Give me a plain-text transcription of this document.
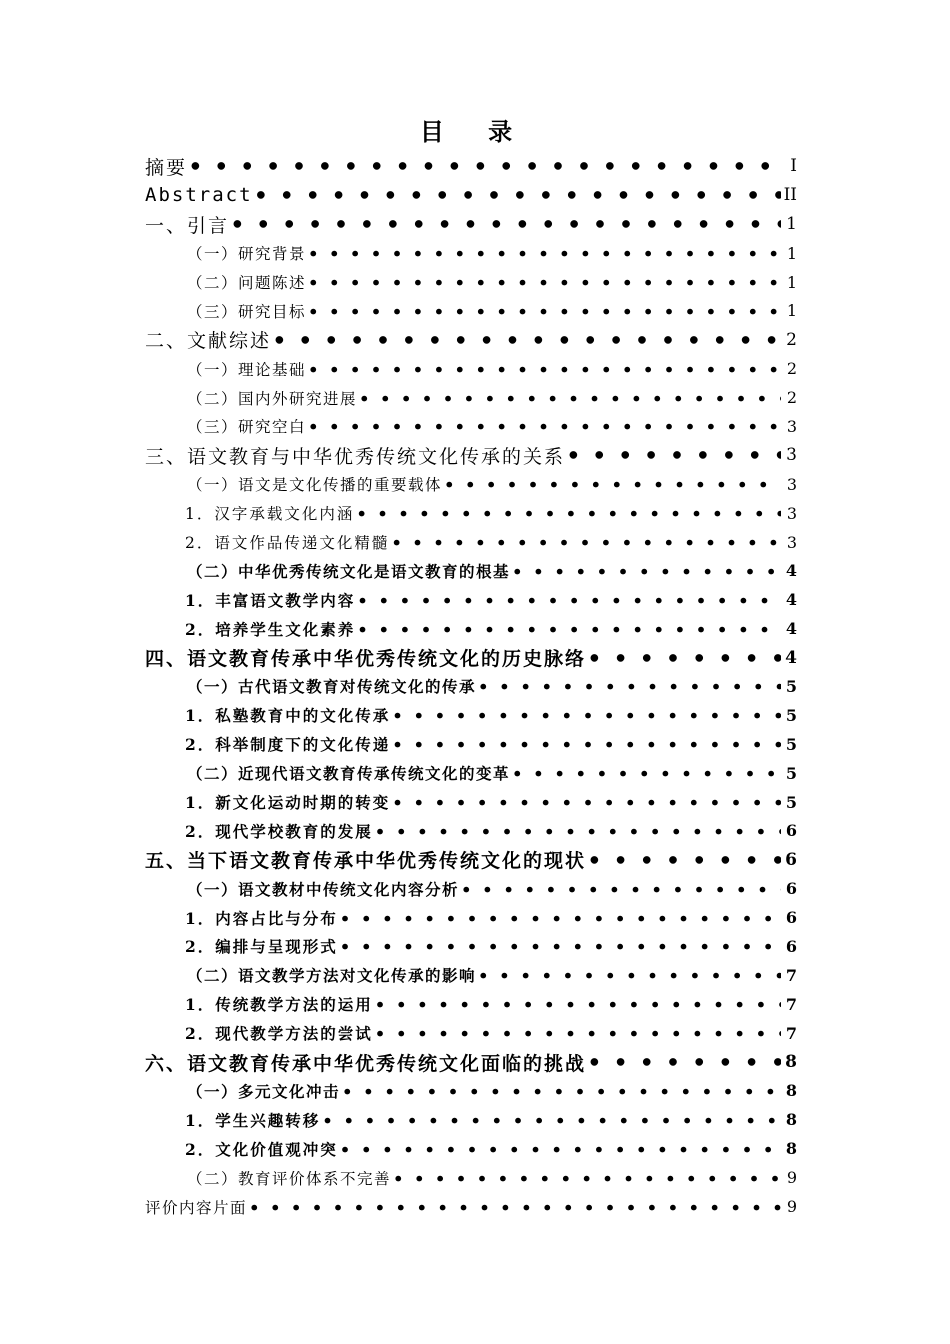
目 录
摘要 ● ● ● ● ● ● ● ● ● ● ● ● ● ● ● ● ● ● ● ● ● ● ● ● ● ● ● ● ● ● ● ● ● ● ● ● ● ● ● ● ● ● ● ● ● ● ● ● ● ●	I
Abstract ● ● ● ● ● ● ● ● ● ● ● ● ● ● ● ● ● ● ● ● ● ● ● ● ● ● ● ● ● ● ● ● ● ● ● ● ● ● ● ● ● ● ● ● ● ● ● ● ● ●	II
一、引言 ● ● ● ● ● ● ● ● ● ● ● ● ● ● ● ● ● ● ● ● ● ● ● ● ● ● ● ● ● ● ● ● ● ● ● ● ● ● ● ● ● ● ● ● ● ● ● ● ● ●	1
（一）研究背景 ● ● ● ● ● ● ● ● ● ● ● ● ● ● ● ● ● ● ● ● ● ● ● ● ● ● ● ● ● ● ● ● ● ● ● ● ● ● ● ● ● ● ● ● ● ● ● ● ● ●	1
（二）问题陈述 ● ● ● ● ● ● ● ● ● ● ● ● ● ● ● ● ● ● ● ● ● ● ● ● ● ● ● ● ● ● ● ● ● ● ● ● ● ● ● ● ● ● ● ● ● ● ● ● ● ●	1
（三）研究目标 ● ● ● ● ● ● ● ● ● ● ● ● ● ● ● ● ● ● ● ● ● ● ● ● ● ● ● ● ● ● ● ● ● ● ● ● ● ● ● ● ● ● ● ● ● ● ● ● ● ●	1
二、文献综述 ● ● ● ● ● ● ● ● ● ● ● ● ● ● ● ● ● ● ● ● ● ● ● ● ● ● ● ● ● ● ● ● ● ● ● ● ● ● ● ● ● ● ● ● ● ● ● ● ● ●	2
（一）理论基础 ● ● ● ● ● ● ● ● ● ● ● ● ● ● ● ● ● ● ● ● ● ● ● ● ● ● ● ● ● ● ● ● ● ● ● ● ● ● ● ● ● ● ● ● ● ● ● ● ● ●	2
（二）国内外研究进展 ● ● ● ● ● ● ● ● ● ● ● ● ● ● ● ● ● ● ● ● ● ● ● ● ● ● ● ● ● ● ● ● ● ● ● ● ● ● ● ● ● ● ● ● ● ● ● ● ● ●	2
（三）研究空白 ● ● ● ● ● ● ● ● ● ● ● ● ● ● ● ● ● ● ● ● ● ● ● ● ● ● ● ● ● ● ● ● ● ● ● ● ● ● ● ● ● ● ● ● ● ● ● ● ● ●	3
三、语文教育与中华优秀传统文化传承的关系 ● ● ● ● ● ● ● ● ● ● ● ● ● ● ● ● ● ● ● ● ● ● ● ● ● ● ● ● ● ● ● ● ● ● ● ● ● ● ● ● ● ● ● ● ● ● ● ● ● ●	3
（一）语文是文化传播的重要载体 ● ● ● ● ● ● ● ● ● ● ● ● ● ● ● ● ● ● ● ● ● ● ● ● ● ● ● ● ● ● ● ● ● ● ● ● ● ● ● ● ● ● ● ● ● ● ● ● ● ●	3
1．汉字承载文化内涵 ● ● ● ● ● ● ● ● ● ● ● ● ● ● ● ● ● ● ● ● ● ● ● ● ● ● ● ● ● ● ● ● ● ● ● ● ● ● ● ● ● ● ● ● ● ● ● ● ● ●	3
2．语文作品传递文化精髓 ● ● ● ● ● ● ● ● ● ● ● ● ● ● ● ● ● ● ● ● ● ● ● ● ● ● ● ● ● ● ● ● ● ● ● ● ● ● ● ● ● ● ● ● ● ● ● ● ● ●	3
（二）中华优秀传统文化是语文教育的根基 ● ● ● ● ● ● ● ● ● ● ● ● ● ● ● ● ● ● ● ● ● ● ● ● ● ● ● ● ● ● ● ● ● ● ● ● ● ● ● ● ● ● ● ● ● ● ● ● ● ●	4
1．丰富语文教学内容 ● ● ● ● ● ● ● ● ● ● ● ● ● ● ● ● ● ● ● ● ● ● ● ● ● ● ● ● ● ● ● ● ● ● ● ● ● ● ● ● ● ● ● ● ● ● ● ● ● ●	4
2．培养学生文化素养 ● ● ● ● ● ● ● ● ● ● ● ● ● ● ● ● ● ● ● ● ● ● ● ● ● ● ● ● ● ● ● ● ● ● ● ● ● ● ● ● ● ● ● ● ● ● ● ● ● ●	4
四、语文教育传承中华优秀传统文化的历史脉络 ● ● ● ● ● ● ● ● ● ● ● ● ● ● ● ● ● ● ● ● ● ● ● ● ● ● ● ● ● ● ● ● ● ● ● ● ● ● ● ● ● ● ● ● ● ● ● ● ● ●	4
（一）古代语文教育对传统文化的传承 ● ● ● ● ● ● ● ● ● ● ● ● ● ● ● ● ● ● ● ● ● ● ● ● ● ● ● ● ● ● ● ● ● ● ● ● ● ● ● ● ● ● ● ● ● ● ● ● ● ●	5
1．私塾教育中的文化传承 ● ● ● ● ● ● ● ● ● ● ● ● ● ● ● ● ● ● ● ● ● ● ● ● ● ● ● ● ● ● ● ● ● ● ● ● ● ● ● ● ● ● ● ● ● ● ● ● ● ●	5
2．科举制度下的文化传递 ● ● ● ● ● ● ● ● ● ● ● ● ● ● ● ● ● ● ● ● ● ● ● ● ● ● ● ● ● ● ● ● ● ● ● ● ● ● ● ● ● ● ● ● ● ● ● ● ● ●	5
（二）近现代语文教育传承传统文化的变革 ● ● ● ● ● ● ● ● ● ● ● ● ● ● ● ● ● ● ● ● ● ● ● ● ● ● ● ● ● ● ● ● ● ● ● ● ● ● ● ● ● ● ● ● ● ● ● ● ● ●	5
1．新文化运动时期的转变 ● ● ● ● ● ● ● ● ● ● ● ● ● ● ● ● ● ● ● ● ● ● ● ● ● ● ● ● ● ● ● ● ● ● ● ● ● ● ● ● ● ● ● ● ● ● ● ● ● ●	5
2．现代学校教育的发展 ● ● ● ● ● ● ● ● ● ● ● ● ● ● ● ● ● ● ● ● ● ● ● ● ● ● ● ● ● ● ● ● ● ● ● ● ● ● ● ● ● ● ● ● ● ● ● ● ● ●	6
五、当下语文教育传承中华优秀传统文化的现状 ● ● ● ● ● ● ● ● ● ● ● ● ● ● ● ● ● ● ● ● ● ● ● ● ● ● ● ● ● ● ● ● ● ● ● ● ● ● ● ● ● ● ● ● ● ● ● ● ● ●	6
（一）语文教材中传统文化内容分析 ● ● ● ● ● ● ● ● ● ● ● ● ● ● ● ● ● ● ● ● ● ● ● ● ● ● ● ● ● ● ● ● ● ● ● ● ● ● ● ● ● ● ● ● ● ● ● ● ● ●	6
1．内容占比与分布 ● ● ● ● ● ● ● ● ● ● ● ● ● ● ● ● ● ● ● ● ● ● ● ● ● ● ● ● ● ● ● ● ● ● ● ● ● ● ● ● ● ● ● ● ● ● ● ● ● ●	6
2．编排与呈现形式 ● ● ● ● ● ● ● ● ● ● ● ● ● ● ● ● ● ● ● ● ● ● ● ● ● ● ● ● ● ● ● ● ● ● ● ● ● ● ● ● ● ● ● ● ● ● ● ● ● ●	6
（二）语文教学方法对文化传承的影响 ● ● ● ● ● ● ● ● ● ● ● ● ● ● ● ● ● ● ● ● ● ● ● ● ● ● ● ● ● ● ● ● ● ● ● ● ● ● ● ● ● ● ● ● ● ● ● ● ● ●	7
1．传统教学方法的运用 ● ● ● ● ● ● ● ● ● ● ● ● ● ● ● ● ● ● ● ● ● ● ● ● ● ● ● ● ● ● ● ● ● ● ● ● ● ● ● ● ● ● ● ● ● ● ● ● ● ●	7
2．现代教学方法的尝试 ● ● ● ● ● ● ● ● ● ● ● ● ● ● ● ● ● ● ● ● ● ● ● ● ● ● ● ● ● ● ● ● ● ● ● ● ● ● ● ● ● ● ● ● ● ● ● ● ● ●	7
六、语文教育传承中华优秀传统文化面临的挑战 ● ● ● ● ● ● ● ● ● ● ● ● ● ● ● ● ● ● ● ● ● ● ● ● ● ● ● ● ● ● ● ● ● ● ● ● ● ● ● ● ● ● ● ● ● ● ● ● ● ●	8
（一）多元文化冲击 ● ● ● ● ● ● ● ● ● ● ● ● ● ● ● ● ● ● ● ● ● ● ● ● ● ● ● ● ● ● ● ● ● ● ● ● ● ● ● ● ● ● ● ● ● ● ● ● ● ●	8
1．学生兴趣转移 ● ● ● ● ● ● ● ● ● ● ● ● ● ● ● ● ● ● ● ● ● ● ● ● ● ● ● ● ● ● ● ● ● ● ● ● ● ● ● ● ● ● ● ● ● ● ● ● ● ●	8
2．文化价值观冲突 ● ● ● ● ● ● ● ● ● ● ● ● ● ● ● ● ● ● ● ● ● ● ● ● ● ● ● ● ● ● ● ● ● ● ● ● ● ● ● ● ● ● ● ● ● ● ● ● ● ●	8
（二）教育评价体系不完善 ● ● ● ● ● ● ● ● ● ● ● ● ● ● ● ● ● ● ● ● ● ● ● ● ● ● ● ● ● ● ● ● ● ● ● ● ● ● ● ● ● ● ● ● ● ● ● ● ● ●	9
评价内容片面 ● ● ● ● ● ● ● ● ● ● ● ● ● ● ● ● ● ● ● ● ● ● ● ● ● ● ● ● ● ● ● ● ● ● ● ● ● ● ● ● ● ● ● ● ● ● ● ● ● ●	9
